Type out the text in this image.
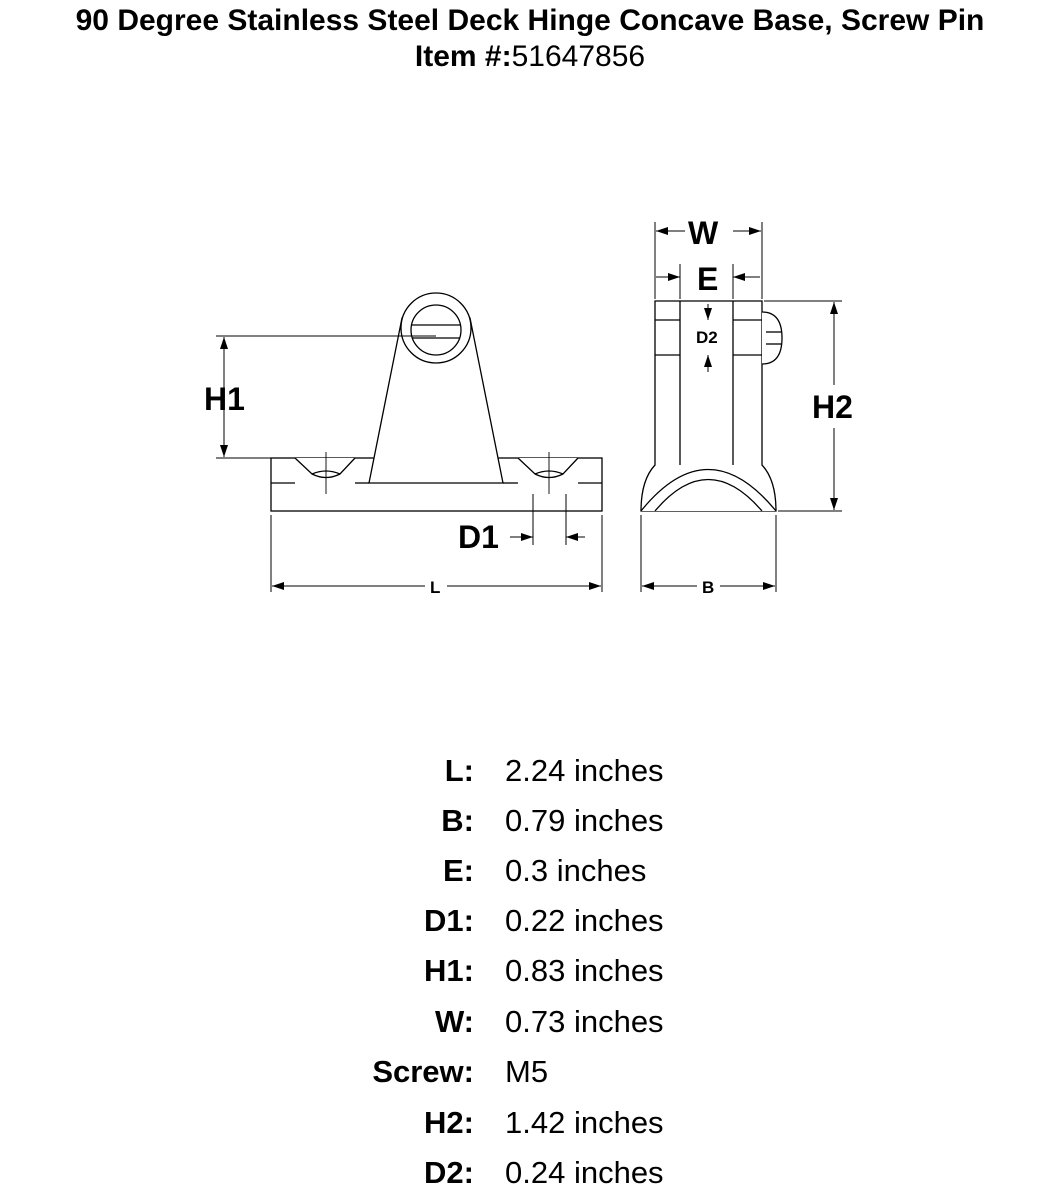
90 Degree Stainless Steel Deck Hinge Concave Base, Screw Pin
Item #:51647856
H1
D1
L
W
E
D2
H2
B
L: 2.24 inches
B: 0.79 inches
E: 0.3 inches
D1: 0.22 inches
H1: 0.83 inches
W: 0.73 inches
Screw: M5
H2: 1.42 inches
D2: 0.24 inches
